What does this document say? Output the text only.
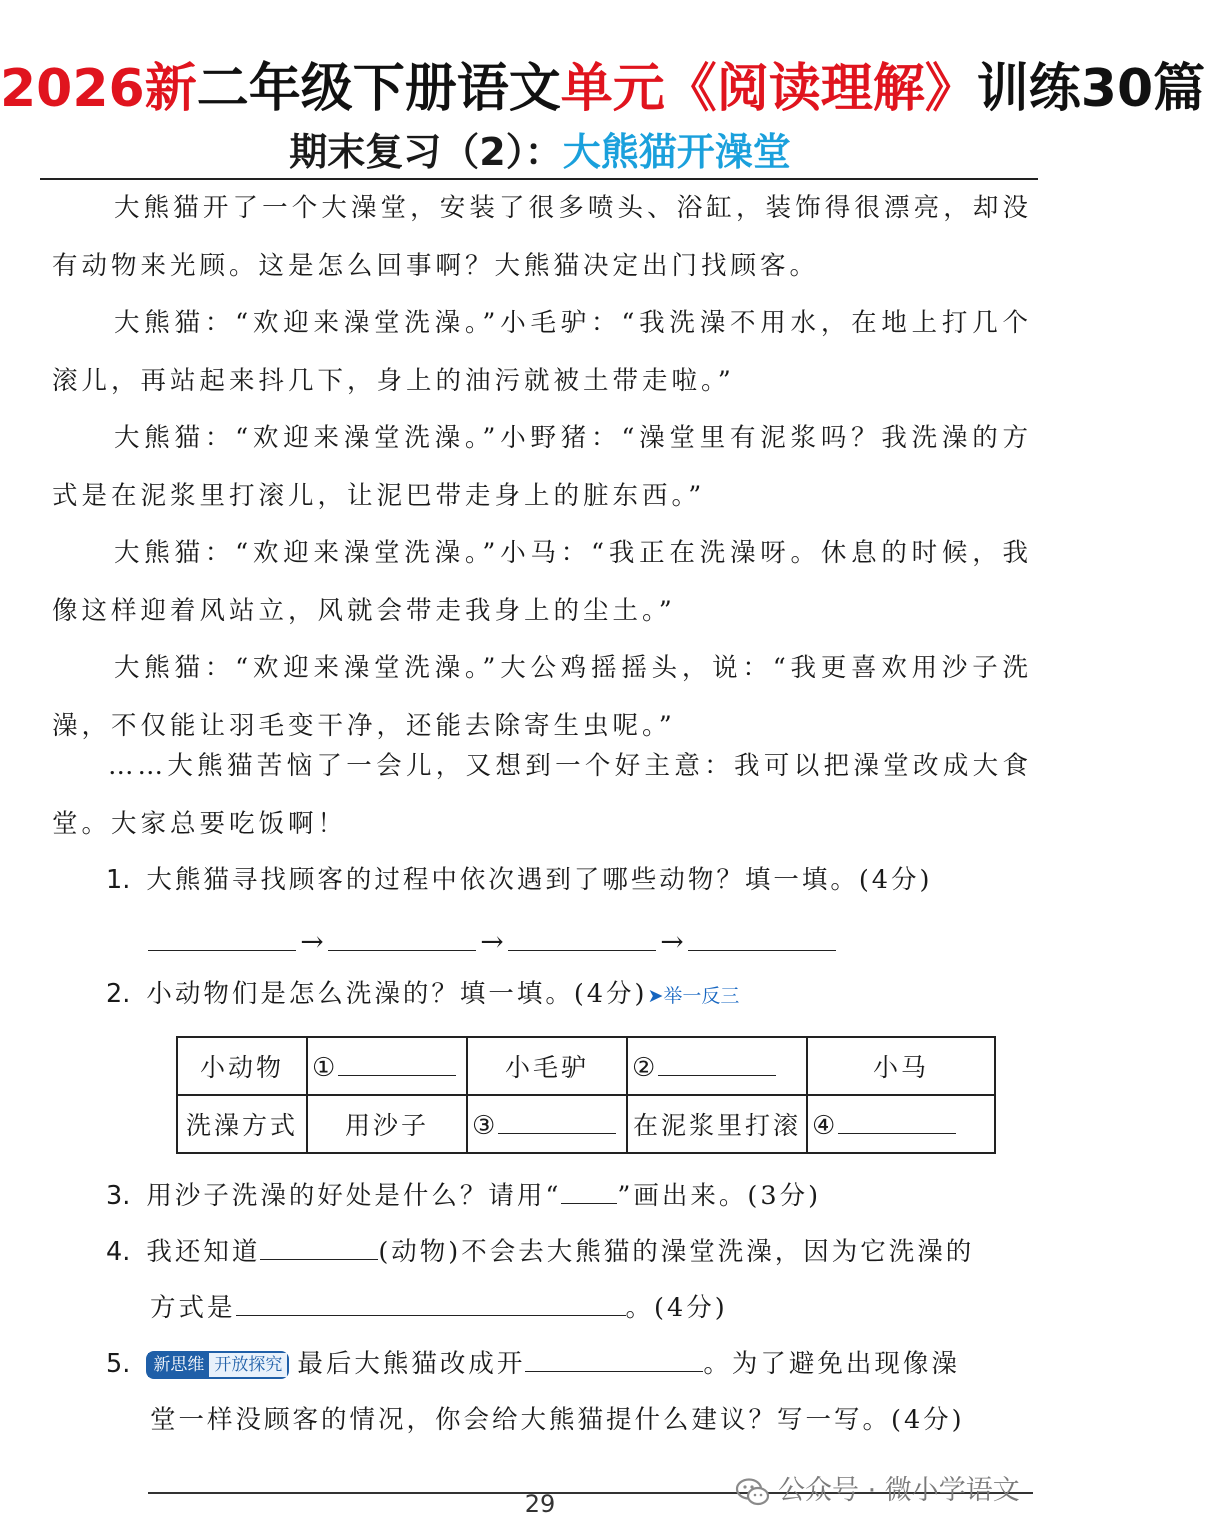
2026新二年级下册语文单元《阅读理解》训练30篇
期末复习（2）：大熊猫开澡堂
大熊猫开了一个大澡堂，安装了很多喷头、浴缸，装饰得很漂亮，却没有动物来光顾。这是怎么回事啊？大熊猫决定出门找顾客。
大熊猫：“欢迎来澡堂洗澡。”小毛驴：“我洗澡不用水，在地上打几个滚儿，再站起来抖几下，身上的油污就被土带走啦。”
大熊猫：“欢迎来澡堂洗澡。”小野猪：“澡堂里有泥浆吗？我洗澡的方式是在泥浆里打滚儿，让泥巴带走身上的脏东西。”
大熊猫：“欢迎来澡堂洗澡。”小马：“我正在洗澡呀。休息的时候，我像这样迎着风站立，风就会带走我身上的尘土。”
大熊猫：“欢迎来澡堂洗澡。”大公鸡摇摇头，说：“我更喜欢用沙子洗澡，不仅能让羽毛变干净，还能去除寄生虫呢。”
……大熊猫苦恼了一会儿，又想到一个好主意：我可以把澡堂改成大食堂。大家总要吃饭啊！
1. 大熊猫寻找顾客的过程中依次遇到了哪些动物？填一填。(4分)
→	→	→
2. 小动物们是怎么洗澡的？填一填。(4分)➤举一反三
小动物	①	小毛驴	②	小马
洗澡方式	用沙子	③	在泥浆里打滚	④
3. 用沙子洗澡的好处是什么？请用“ ”画出来。(3分)
4. 我还知道	(动物)不会去大熊猫的澡堂洗澡，因为它洗澡的
方式是	。(4分)
5. 新思维 开放探究 最后大熊猫改成开	。为了避免出现像澡
堂一样没顾客的情况，你会给大熊猫提什么建议？写一写。(4分)
29	公众号 · 微小学语文
